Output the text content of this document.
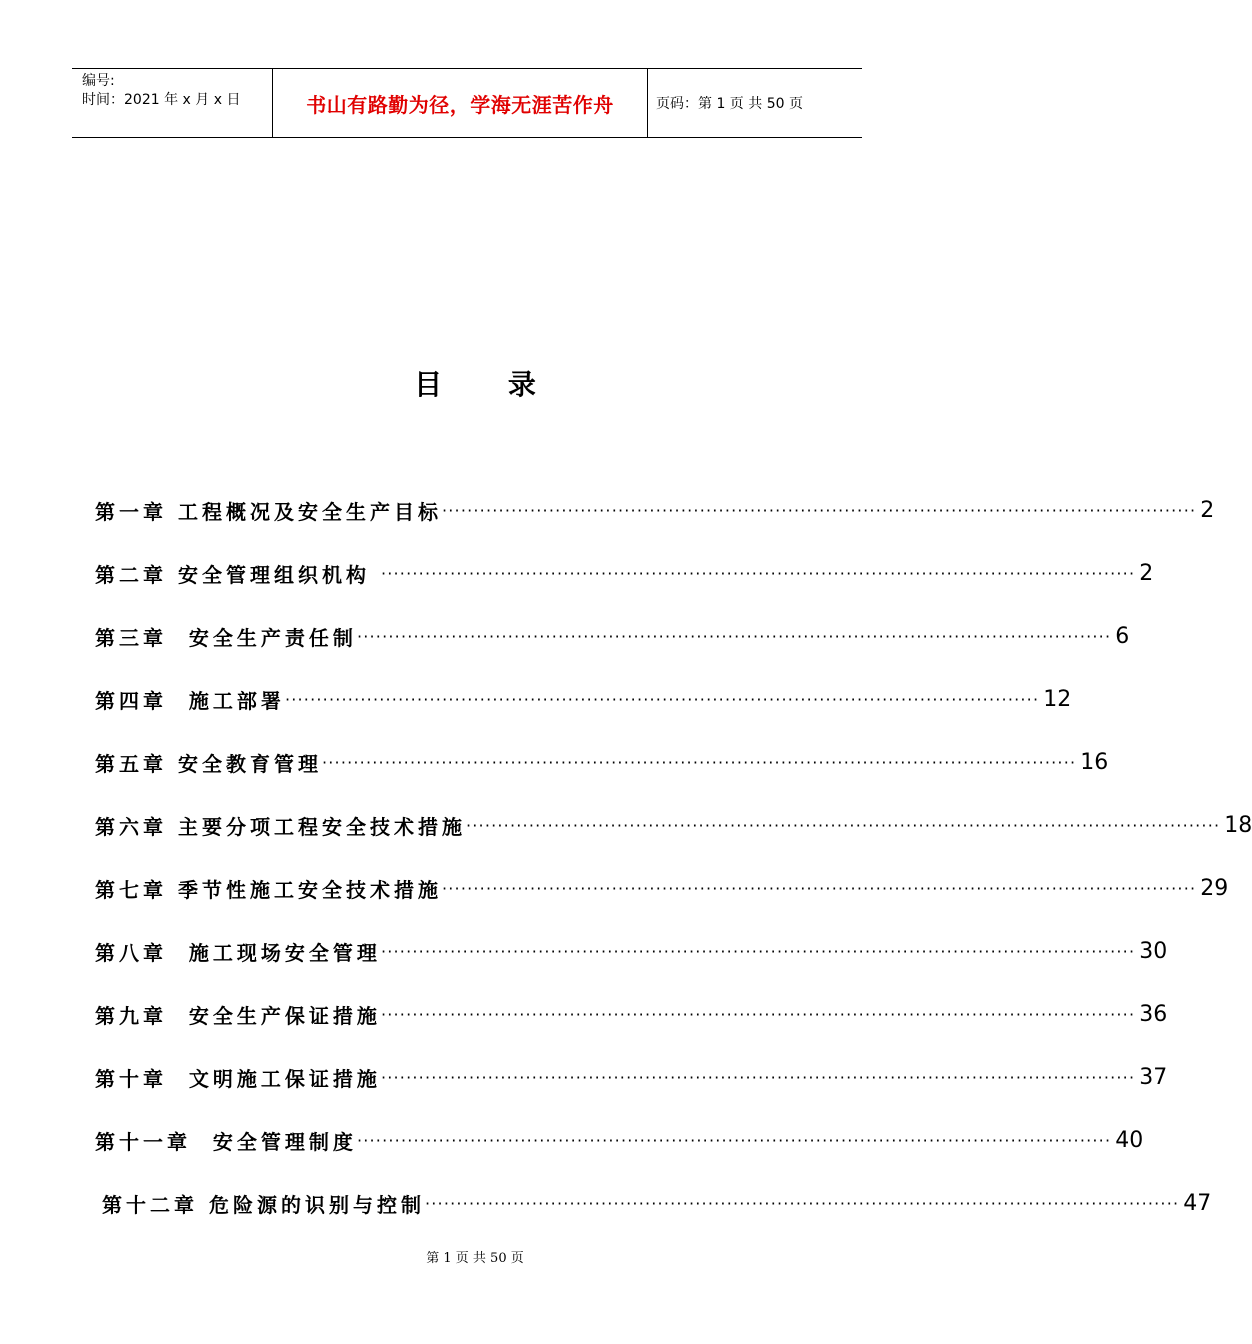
编号:
时间：2021 年 x 月 x 日	书山有路勤为径，学海无涯苦作舟	页码：第 1 页 共 50 页
目 录
第一章 工程概况及安全生产目标 ························································································································ 2
第二章 安全管理组织机构 ························································································································ 2
第三章  安全生产责任制 ························································································································ 6
第四章  施工部署 ························································································································ 12
第五章 安全教育管理 ························································································································ 16
第六章 主要分项工程安全技术措施 ························································································································ 18
第七章 季节性施工安全技术措施 ························································································································ 29
第八章  施工现场安全管理 ························································································································ 30
第九章  安全生产保证措施 ························································································································ 36
第十章  文明施工保证措施 ························································································································ 37
第十一章  安全管理制度 ························································································································ 40
第十二章 危险源的识别与控制 ························································································································ 47
第 1 页 共 50 页
